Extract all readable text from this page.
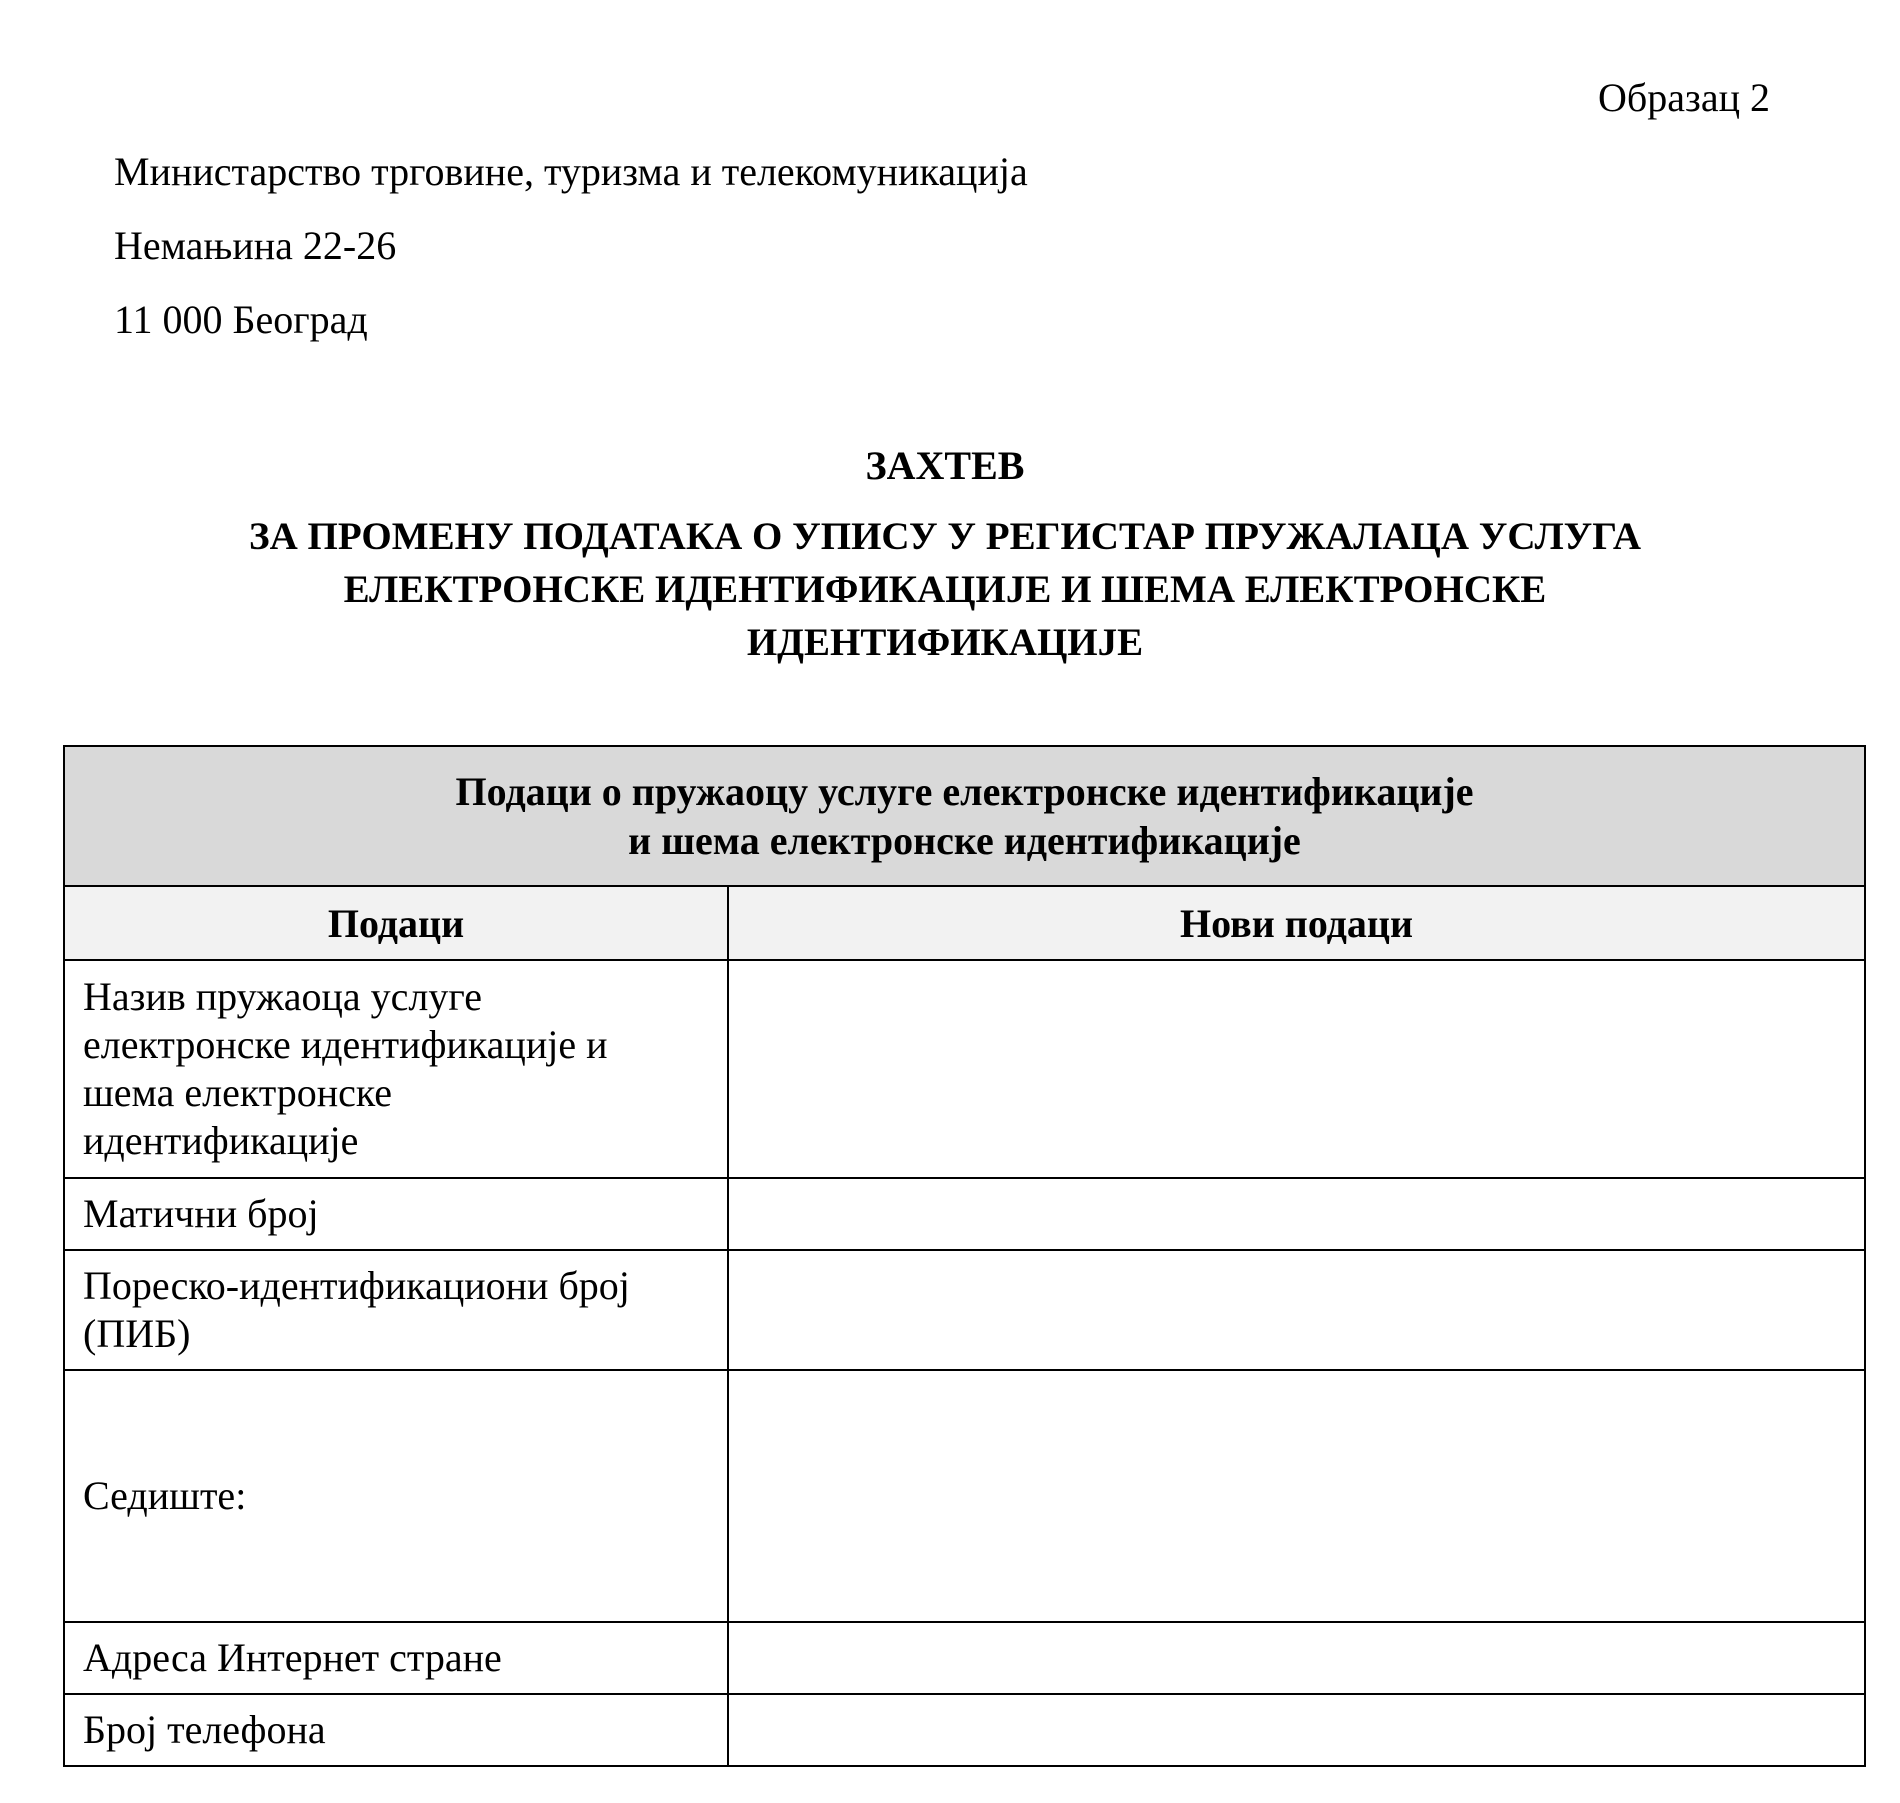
Образац 2
Министарство трговине, туризма и телекомуникација
Немањина 22-26
11 000 Београд
ЗАХТЕВ
ЗА ПРОМЕНУ ПОДАТАКА О УПИСУ У РЕГИСТАР ПРУЖАЛАЦА УСЛУГА
ЕЛЕКТРОНСКЕ ИДЕНТИФИКАЦИЈЕ И ШЕМА ЕЛЕКТРОНСКЕ
ИДЕНТИФИКАЦИЈЕ
Подаци о пружаоцу услуге електронске идентификације
и шема електронске идентификације	

Подаци	Нови подаци

Назив пружаоца услуге
електронске идентификације и
шема електронске
идентификације	

Матични број	

Пореско-идентификациони број
(ПИБ)	

Седиште:	

Адреса Интернет стране	

Број телефона	
